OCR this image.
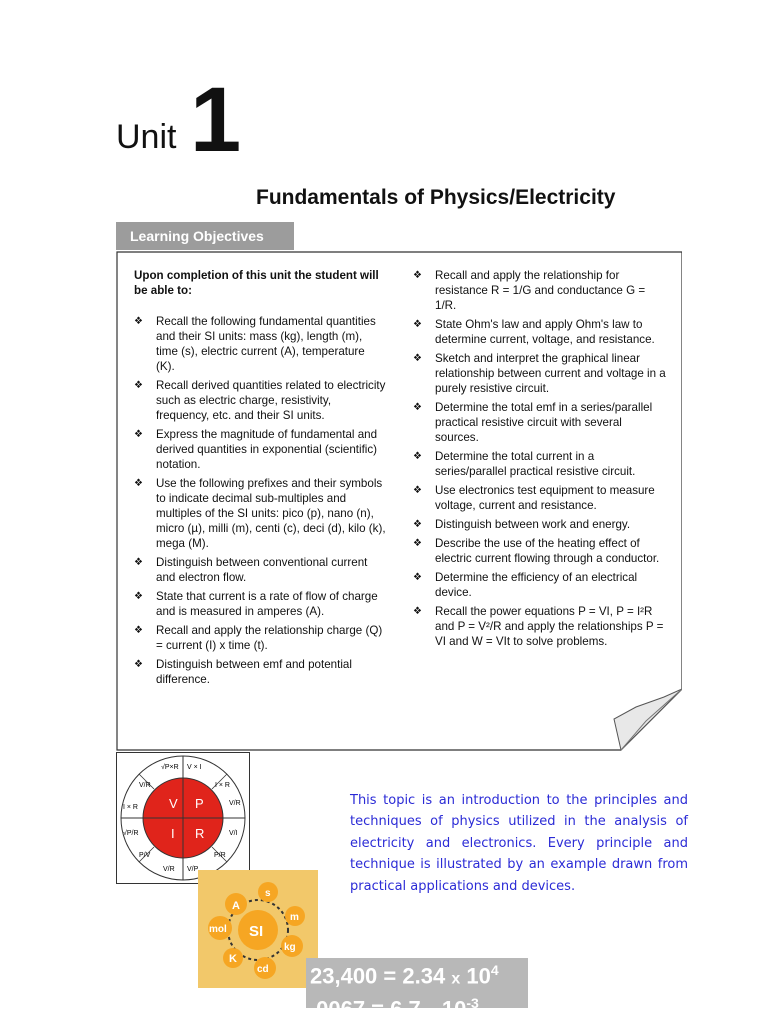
Unit 1
Fundamentals of Physics/Electricity
Learning Objectives
Upon completion of this unit the student will be able to:
❖ Recall the following fundamental quantities and their SI units: mass (kg), length (m), time (s), electric current (A), temperature (K).
❖ Recall derived quantities related to electricity such as electric charge, resistivity, frequency, etc. and their SI units.
❖ Express the magnitude of fundamental and derived quantities in exponential (scientific) notation.
❖ Use the following prefixes and their symbols to indicate decimal sub-multiples and multiples of the SI units: pico (p), nano (n), micro (µ), milli (m), centi (c), deci (d), kilo (k), mega (M).
❖ Distinguish between conventional current and electron flow.
❖ State that current is a rate of flow of charge and is measured in amperes (A).
❖ Recall and apply the relationship charge (Q) = current (I) x time (t).
❖ Distinguish between emf and potential difference.
❖ Recall and apply the relationship for resistance R = 1/G and conductance G = 1/R.
❖ State Ohm's law and apply Ohm's law to determine current, voltage, and resistance.
❖ Sketch and interpret the graphical linear relationship between current and voltage in a purely resistive circuit.
❖ Determine the total emf in a series/parallel practical resistive circuit with several sources.
❖ Determine the total current in a series/parallel practical resistive circuit.
❖ Use electronics test equipment to measure voltage, current and resistance.
❖ Distinguish between work and energy.
❖ Describe the use of the heating effect of electric current flowing through a conductor.
❖ Determine the efficiency of an electrical device.
❖ Recall the power equations P = VI, P = I²R and P = V²/R and apply the relationships P = VI and W = VIt to solve problems.
V P
I R
√P×R V × I
I × R
V/R
V/I
P/R
V/P
V/R
P/V
√P/R
I × R
V/R
SI
A
s
m
kg
cd
K
mol
This topic is an introduction to the principles and techniques of physics utilized in the analysis of electricity and electronics. Every principle and technique is illustrated by an example drawn from practical applications and devices.
23,400 = 2.34 x $10^4$
.0067 = 6.7 x $10^{-3}$
